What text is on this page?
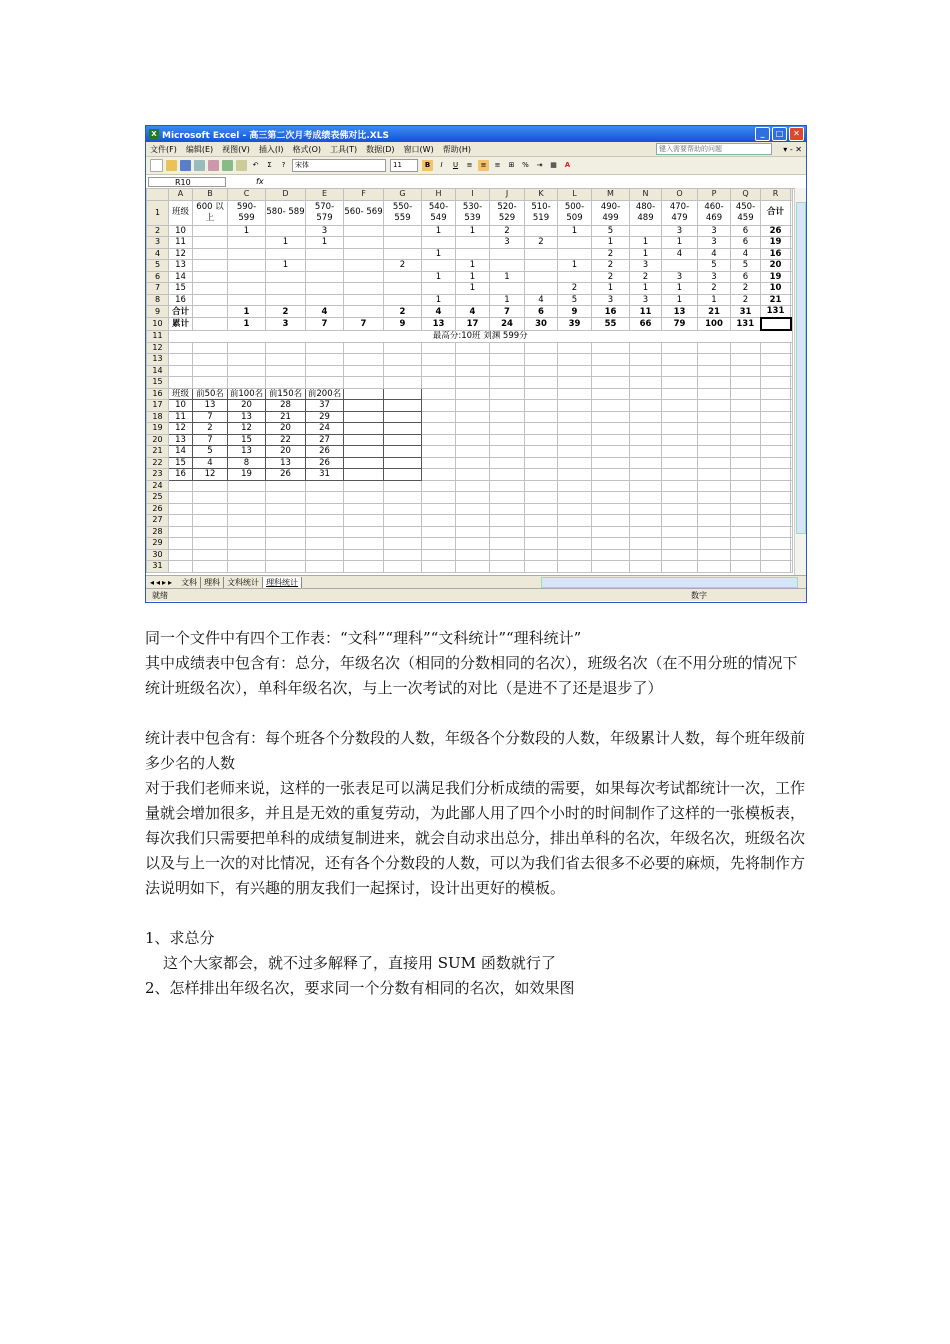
X Microsoft Excel - 高三第二次月考成绩表佛对比.XLS	_	□	✕
文件(F) 编辑(E) 视图(V) 插入(I) 格式(O) 工具(T) 数据(D) 窗口(W) 帮助(H)	键入需要帮助的问题	▾ - ✕
↶	Σ	?	宋体	11	B	I	U	≡	≡	≡	⊞	%	⇥	▦	A
R10	fx
	A	B	C	D	E	F	G	H	I	J	K	L	M	N	O	P	Q	R	
1	班级	600 以上	590- 599	580- 589	570- 579	560- 569	550- 559	540- 549	530- 539	520- 529	510- 519	500- 509	490- 499	480- 489	470- 479	460- 469	450- 459	合计	
2	10		1		3			1	1	2		1	5		3	3	6	26	
3	11			1	1					3	2		1	1	1	3	6	19	
4	12							1					2	1	4	4	4	16	
5	13			1			2		1			1	2	3		5	5	20	
6	14							1	1	1			2	2	3	3	6	19	
7	15								1			2	1	1	1	2	2	10	
8	16							1		1	4	5	3	3	1	1	2	21	
9	合计		1	2	4		2	4	4	7	6	9	16	11	13	21	31	131	
10	累计		1	3	7	7	9	13	17	24	30	39	55	66	79	100	131		
11	最高分:10班 刘渊 599分																		
12																			
13																			
14																			
15																			
16	班级	前50名	前100名	前150名	前200名														
17	10	13	20	28	37														
18	11	7	13	21	29														
19	12	2	12	20	24														
20	13	7	15	22	27														
21	14	5	13	20	26														
22	15	4	8	13	26														
23	16	12	19	26	31														
24																			
25																			
26																			
27																			
28																			
29																			
30																			
31																			
◂◂▸▸ 文科 理科 文科统计 理科统计
就绪	数字

同一个文件中有四个工作表：“文科”“理科”“文科统计”“理科统计”

其中成绩表中包含有：总分，年级名次（相同的分数相同的名次），班级名次（在不用分班的情况下统计班级名次），单科年级名次，与上一次考试的对比（是进不了还是退步了）

统计表中包含有：每个班各个分数段的人数，年级各个分数段的人数，年级累计人数，每个班年级前多少名的人数

对于我们老师来说，这样的一张表足可以满足我们分析成绩的需要，如果每次考试都统计一次，工作量就会增加很多，并且是无效的重复劳动，为此鄙人用了四个小时的时间制作了这样的一张模板表，每次我们只需要把单科的成绩复制进来，就会自动求出总分，排出单科的名次，年级名次，班级名次以及与上一次的对比情况，还有各个分数段的人数，可以为我们省去很多不必要的麻烦，先将制作方法说明如下，有兴趣的朋友我们一起探讨，设计出更好的模板。

1、求总分

这个大家都会，就不过多解释了，直接用 SUM 函数就行了

2、怎样排出年级名次，要求同一个分数有相同的名次，如效果图
